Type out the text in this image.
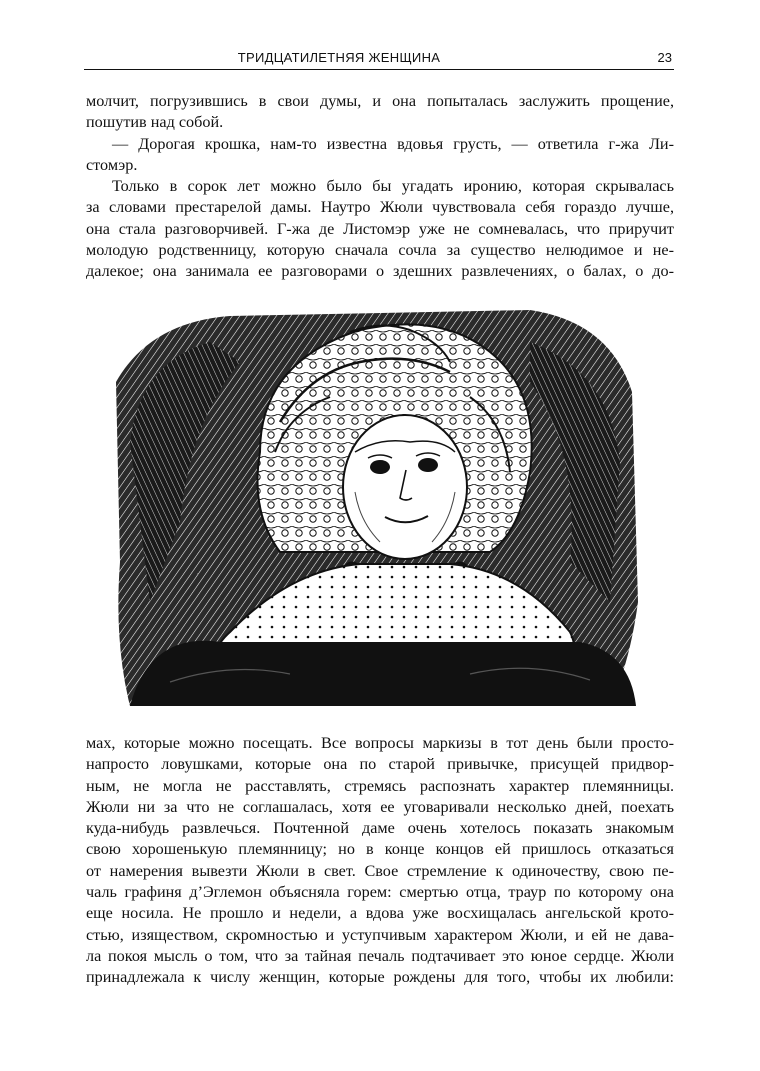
ТРИДЦАТИЛЕТНЯЯ ЖЕНЩИНА	23
молчит, погрузившись в свои думы, и она попыталась заслужить прощение,
пошутив над собой.
— Дорогая крошка, нам-то известна вдовья грусть, — ответила г-жа Ли-
стомэр.
Только в сорок лет можно было бы угадать иронию, которая скрывалась
за словами престарелой дамы. Наутро Жюли чувствовала себя гораздо лучше,
она стала разговорчивей. Г-жа де Листомэр уже не сомневалась, что приручит
молодую родственницу, которую сначала сочла за существо нелюдимое и не-
далекое; она занимала ее разговорами о здешних развлечениях, о балах, о до-
мах, которые можно посещать. Все вопросы маркизы в тот день были просто-
напросто ловушками, которые она по старой привычке, присущей придвор-
ным, не могла не расставлять, стремясь распознать характер племянницы.
Жюли ни за что не соглашалась, хотя ее уговаривали несколько дней, поехать
куда-нибудь развлечься. Почтенной даме очень хотелось показать знакомым
свою хорошенькую племянницу; но в конце концов ей пришлось отказаться
от намерения вывезти Жюли в свет. Свое стремление к одиночеству, свою пе-
чаль графиня д’Эглемон объясняла горем: смертью отца, траур по которому она
еще носила. Не прошло и недели, а вдова уже восхищалась ангельской крото-
стью, изяществом, скромностью и уступчивым характером Жюли, и ей не дава-
ла покоя мысль о том, что за тайная печаль подтачивает это юное сердце. Жюли
принадлежала к числу женщин, которые рождены для того, чтобы их любили:
